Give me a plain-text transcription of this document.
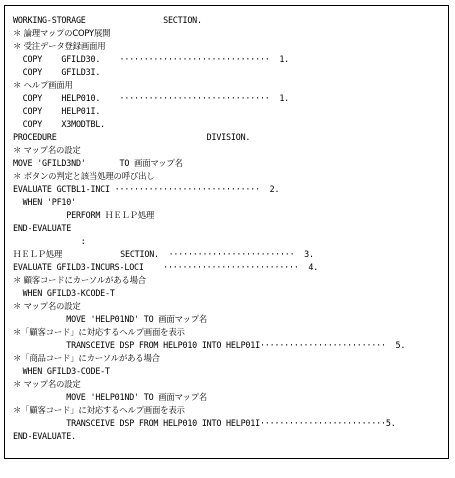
WORKING-STORAGE                SECTION.
＊ 論理マップのCOPY展開
＊ 受注データ登録画面用
COPY    GFILD30.    ·······························  1.
COPY    GFILD3I.
＊ ヘルプ画面用
COPY    HELP010.    ·······························  1.
COPY    HELP01I.
COPY    X3MODTBL.
PROCEDURE                               DIVISION.
＊ マップ名の設定
MOVE 'GFILD3ND'       TO 画面マップ名
＊ ボタンの判定と該当処理の呼び出し
EVALUATE GCTBL1-INCI ······························  2.
WHEN 'PF10'
PERFORM ＨＥＬＰ処理
END-EVALUATE
:
ＨＥＬＰ処理            SECTION.  ··························  3.
EVALUATE GFILD3-INCURS-LOCI    ····························  4.
＊ 顧客コードにカーソルがある場合
WHEN GFILD3-KCODE-T
＊ マップ名の設定
MOVE 'HELP01ND' TO 画面マップ名
＊「顧客コード」に対応するヘルプ画面を表示
TRANSCEIVE DSP FROM HELP010 INTO HELP01I··························  5.
＊「商品コード」にカーソルがある場合
WHEN GFILD3-CODE-T
＊ マップ名の設定
MOVE 'HELP01ND' TO 画面マップ名
＊「顧客コード」に対応するヘルプ画面を表示
TRANSCEIVE DSP FROM HELP010 INTO HELP01I··························5.
END-EVALUATE.
